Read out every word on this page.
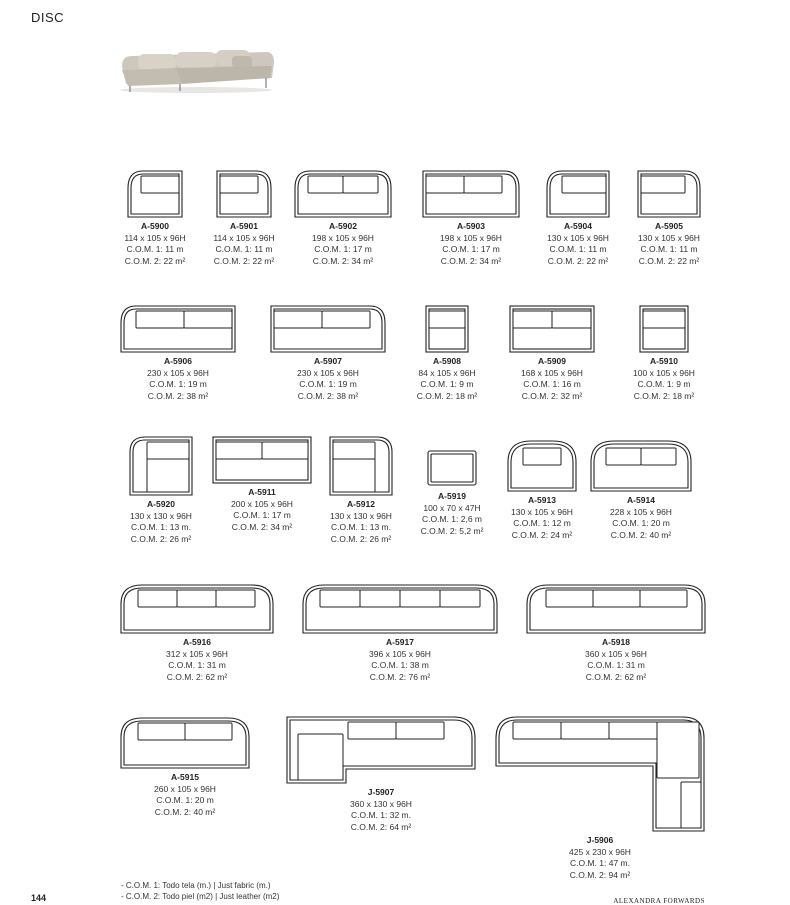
DISC
A-5900
114 x 105 x 96H
C.O.M. 1: 11 m
C.O.M. 2: 22 m²
A-5901
114 x 105 x 96H
C.O.M. 1: 11 m
C.O.M. 2: 22 m²
A-5902
198 x 105 x 96H
C.O.M. 1: 17 m
C.O.M. 2: 34 m²
A-5903
198 x 105 x 96H
C.O.M. 1: 17 m
C.O.M. 2: 34 m²
A-5904
130 x 105 x 96H
C.O.M. 1: 11 m
C.O.M. 2: 22 m²
A-5905
130 x 105 x 96H
C.O.M. 1: 11 m
C.O.M. 2: 22 m²
A-5906
230 x 105 x 96H
C.O.M. 1: 19 m
C.O.M. 2: 38 m²
A-5907
230 x 105 x 96H
C.O.M. 1: 19 m
C.O.M. 2: 38 m²
A-5908
84 x 105 x 96H
C.O.M. 1: 9 m
C.O.M. 2: 18 m²
A-5909
168 x 105 x 96H
C.O.M. 1: 16 m
C.O.M. 2: 32 m²
A-5910
100 x 105 x 96H
C.O.M. 1: 9 m
C.O.M. 2: 18 m²
A-5920
130 x 130 x 96H
C.O.M. 1: 13 m.
C.O.M. 2: 26 m²
A-5911
200 x 105 x 96H
C.O.M. 1: 17 m
C.O.M. 2: 34 m²
A-5912
130 x 130 x 96H
C.O.M. 1: 13 m.
C.O.M. 2: 26 m²
A-5919
100 x 70 x 47H
C.O.M. 1: 2,6 m
C.O.M. 2: 5,2 m²
A-5913
130 x 105 x 96H
C.O.M. 1: 12 m
C.O.M. 2: 24 m²
A-5914
228 x 105 x 96H
C.O.M. 1: 20 m
C.O.M. 2: 40 m²
A-5916
312 x 105 x 96H
C.O.M. 1: 31 m
C.O.M. 2: 62 m²
A-5917
396 x 105 x 96H
C.O.M. 1: 38 m
C.O.M. 2: 76 m²
A-5918
360 x 105 x 96H
C.O.M. 1: 31 m
C.O.M. 2: 62 m²
A-5915
260 x 105 x 96H
C.O.M. 1: 20 m
C.O.M. 2: 40 m²
J-5907
360 x 130 x 96H
C.O.M. 1: 32 m.
C.O.M. 2: 64 m²
J-5906
425 x 230 x 96H
C.O.M. 1: 47 m.
C.O.M. 2: 94 m²
- C.O.M. 1: Todo tela (m.) | Just fabric (m.)
- C.O.M. 2: Todo piel (m2) | Just leather (m2)
144	ALEXANDRA FORWARDS
